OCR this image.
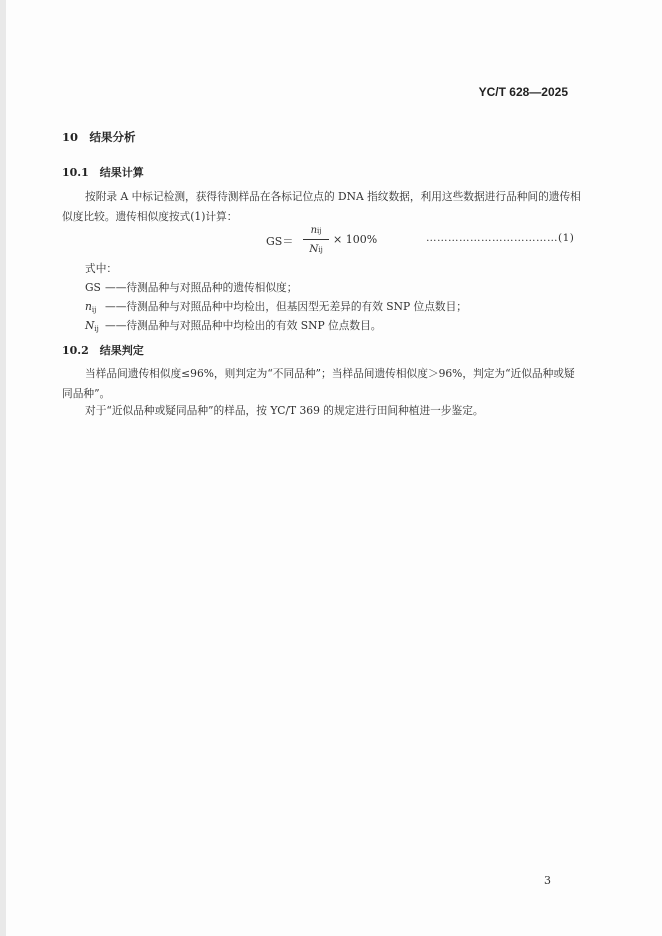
YC/T 628—2025
10 结果分析
10.1 结果计算
按附录 A 中标记检测，获得待测样品在各标记位点的 DNA 指纹数据，利用这些数据进行品种间的遗传相似度比较。遗传相似度按式(1)计算：
GS＝
nij
Nij
× 100%	………………………………(1)
式中：
GS ——待测品种与对照品种的遗传相似度；
$n_{ij}$ ——待测品种与对照品种中均检出，但基因型无差异的有效 SNP 位点数目；
$N_{ij}$ ——待测品种与对照品种中均检出的有效 SNP 位点数目。
10.2 结果判定
当样品间遗传相似度≤96%，则判定为“不同品种”；当样品间遗传相似度＞96%，判定为“近似品种或疑同品种”。
对于“近似品种或疑同品种”的样品，按 YC/T 369 的规定进行田间种植进一步鉴定。
3
